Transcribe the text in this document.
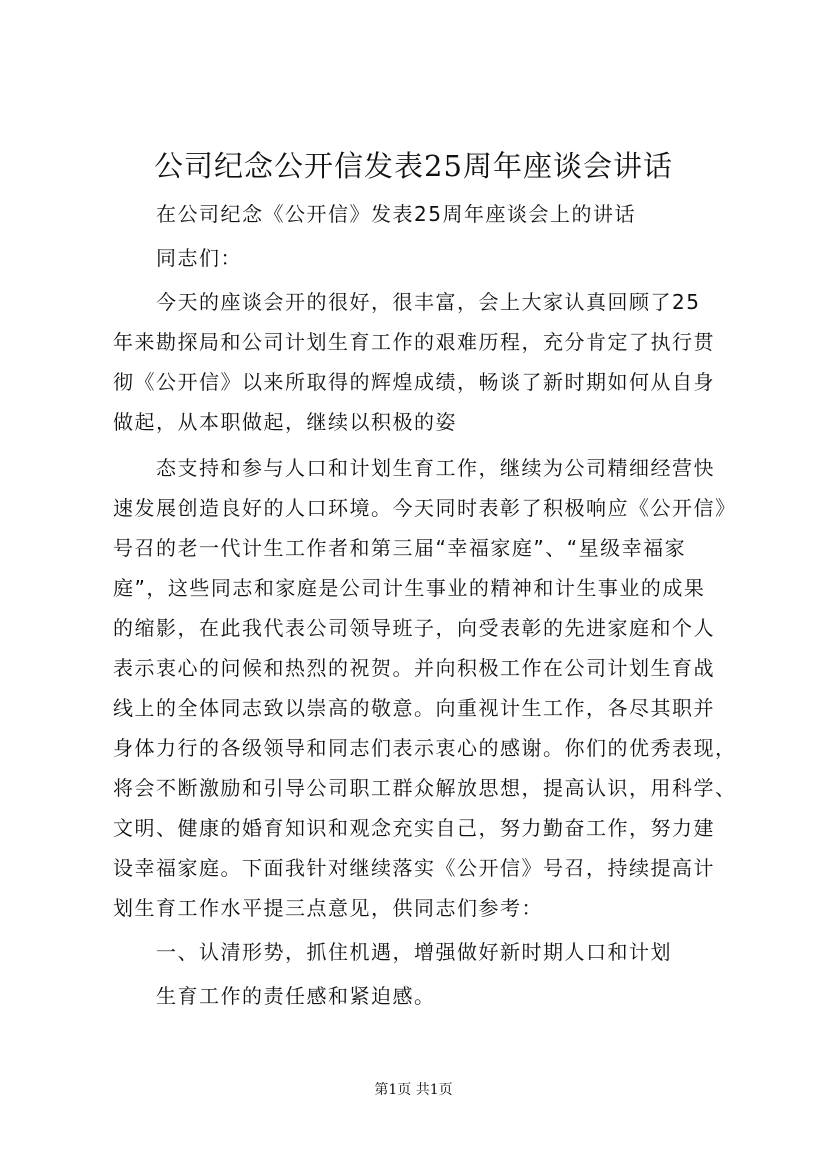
公司纪念公开信发表25周年座谈会讲话
在公司纪念《公开信》发表25周年座谈会上的讲话
同志们：
今天的座谈会开的很好，很丰富，会上大家认真回顾了25
年来勘探局和公司计划生育工作的艰难历程，充分肯定了执行贯
彻《公开信》以来所取得的辉煌成绩，畅谈了新时期如何从自身
做起，从本职做起，继续以积极的姿
态支持和参与人口和计划生育工作，继续为公司精细经营快
速发展创造良好的人口环境。今天同时表彰了积极响应《公开信》
号召的老一代计生工作者和第三届“幸福家庭”、“星级幸福家
庭”，这些同志和家庭是公司计生事业的精神和计生事业的成果
的缩影，在此我代表公司领导班子，向受表彰的先进家庭和个人
表示衷心的问候和热烈的祝贺。并向积极工作在公司计划生育战
线上的全体同志致以崇高的敬意。向重视计生工作，各尽其职并
身体力行的各级领导和同志们表示衷心的感谢。你们的优秀表现，
将会不断激励和引导公司职工群众解放思想，提高认识，用科学、
文明、健康的婚育知识和观念充实自己，努力勤奋工作，努力建
设幸福家庭。下面我针对继续落实《公开信》号召，持续提高计
划生育工作水平提三点意见，供同志们参考：
一、认清形势，抓住机遇，增强做好新时期人口和计划
生育工作的责任感和紧迫感。
第1页 共1页
